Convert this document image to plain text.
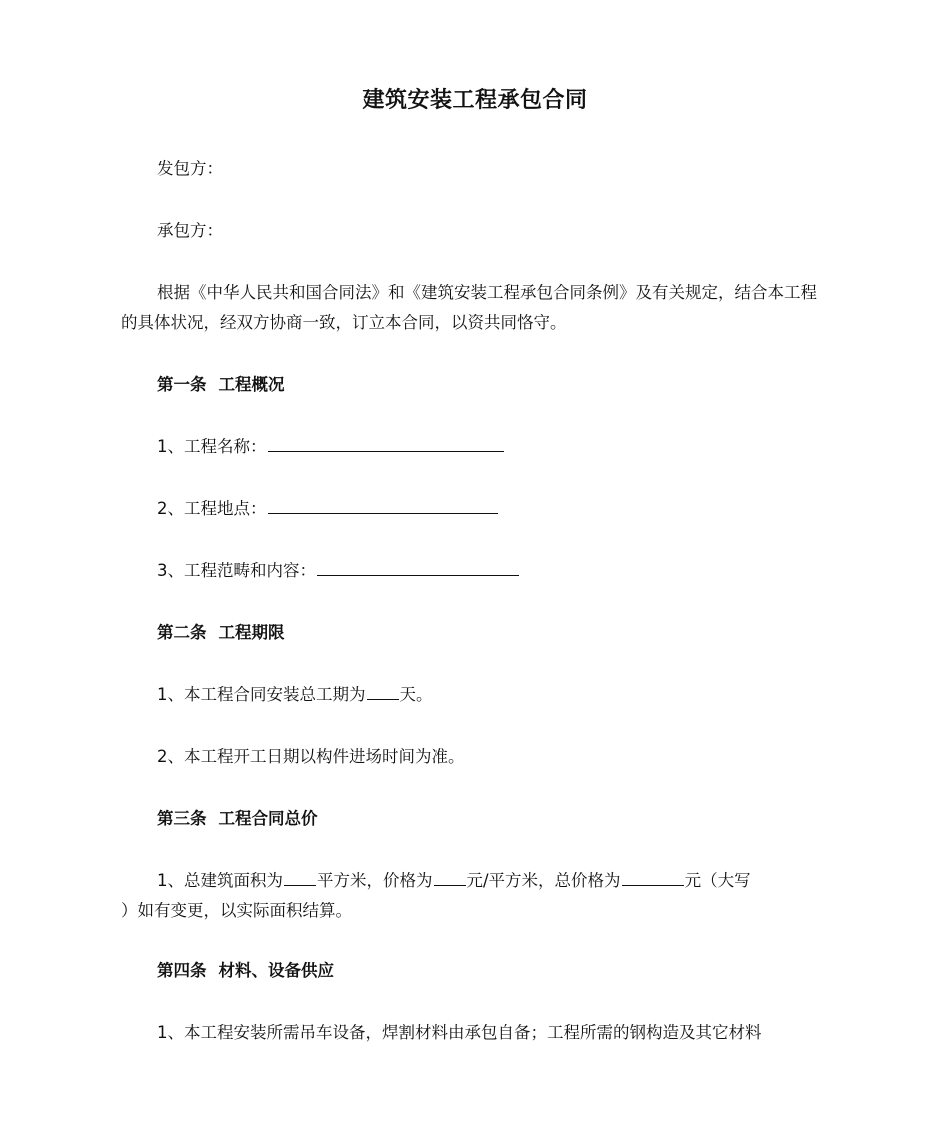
建筑安装工程承包合同
发包方：
承包方：
根据《中华人民共和国合同法》和《建筑安装工程承包合同条例》及有关规定，结合本工程的具体状况，经双方协商一致，订立本合同，以资共同恪守。
第一条 工程概况
1、工程名称：
2、工程地点：
3、工程范畴和内容：
第二条 工程期限
1、本工程合同安装总工期为 天。
2、本工程开工日期以构件进场时间为准。
第三条 工程合同总价
1、总建筑面积为 平方米，价格为 元/平方米，总价格为	元（大写
）如有变更，以实际面积结算。
第四条 材料、设备供应
1、本工程安装所需吊车设备，焊割材料由承包自备；工程所需的钢构造及其它材料
